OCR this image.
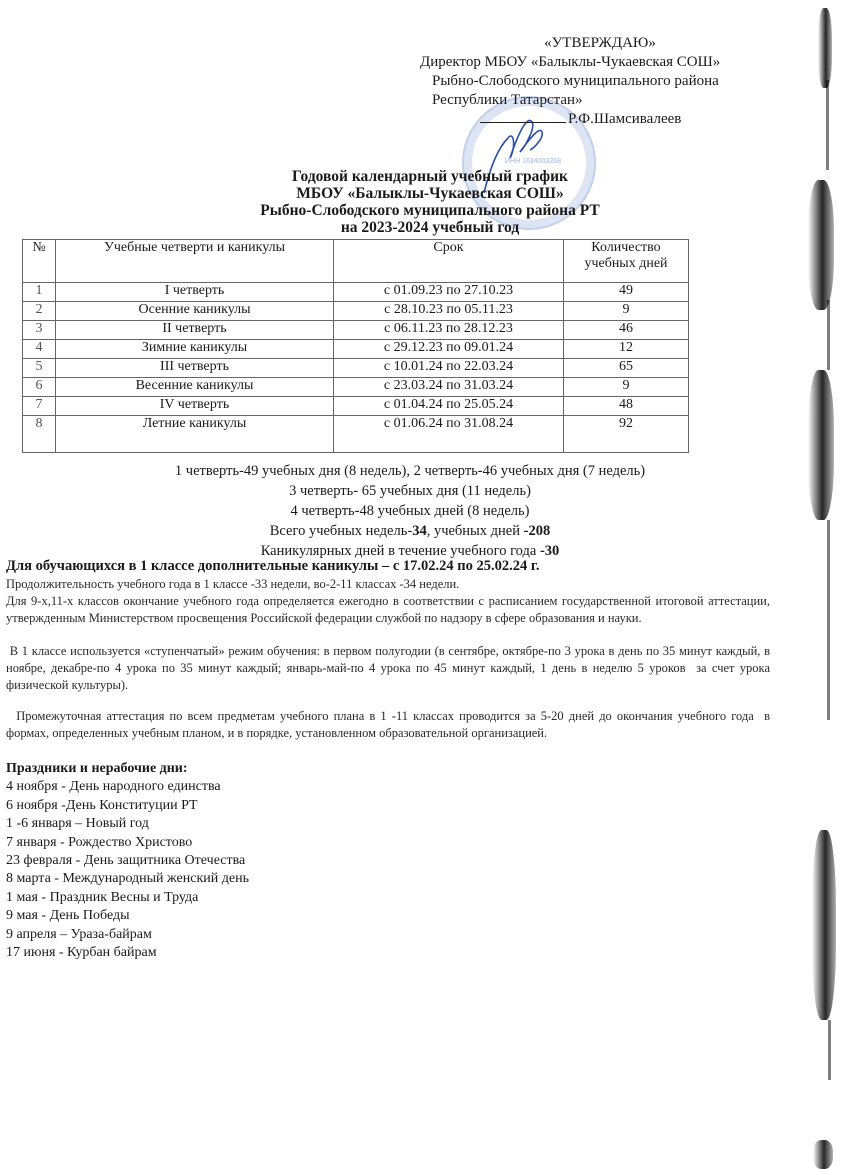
ИНН 1634003268
«УТВЕРЖДАЮ»
Директор МБОУ «Балыклы-Чукаевская СОШ»
Рыбно-Слободского муниципального района
Республики Татарстан»
Р.Ф.Шамсивалеев
Годовой календарный учебный график
МБОУ «Балыклы-Чукаевская СОШ»
Рыбно-Слободского муниципального района РТ
на 2023-2024 учебный год
№	Учебные четверти и каникулы	Срок	Количество учебных дней
1	I четверть	с 01.09.23 по 27.10.23	49
2	Осенние каникулы	с 28.10.23 по 05.11.23	9
3	II четверть	с 06.11.23 по 28.12.23	46
4	Зимние каникулы	с 29.12.23 по 09.01.24	12
5	III четверть	с 10.01.24 по 22.03.24	65
6	Весенние каникулы	с 23.03.24 по 31.03.24	9
7	IV четверть	с 01.04.24 по 25.05.24	48
8	Летние каникулы	с 01.06.24 по 31.08.24	92
1 четверть-49 учебных дня (8 недель), 2 четверть-46 учебных дня (7 недель)
3 четверть- 65 учебных дня (11 недель)
4 четверть-48 учебных дней (8 недель)
Всего учебных недель-34, учебных дней -208
Каникулярных дней в течение учебного года -30
Для обучающихся в 1 классе дополнительные каникулы – с 17.02.24 по 25.02.24 г.
Продолжительность учебного года в 1 классе -33 недели, во-2-11 классах -34 недели.
Для 9-х,11-х классов окончание учебного года определяется ежегодно в соответствии с расписанием государственной итоговой аттестации, утвержденным Министерством просвещения Российской федерации службой по надзору в сфере образования и науки.
В 1 классе используется «ступенчатый» режим обучения: в первом полугодии (в сентябре, октябре-по 3 урока в день по 35 минут каждый, в ноябре, декабре-по 4 урока по 35 минут каждый; январь-май-по 4 урока по 45 минут каждый, 1 день в неделю 5 уроков  за счет урока физической культуры).
Промежуточная аттестация по всем предметам учебного плана в 1 -11 классах проводится за 5-20 дней до окончания учебного года  в  формах, определенных учебным планом, и в порядке, установленном образовательной организацией.
Праздники и нерабочие дни:
4 ноября - День народного единства
6 ноября -День Конституции РТ
1 -6 января – Новый год
7 января - Рождество Христово
23 февраля - День защитника Отечества
8 марта - Международный женский день
1 мая - Праздник Весны и Труда
9 мая - День Победы
9 апреля – Ураза-байрам
17 июня - Курбан байрам
